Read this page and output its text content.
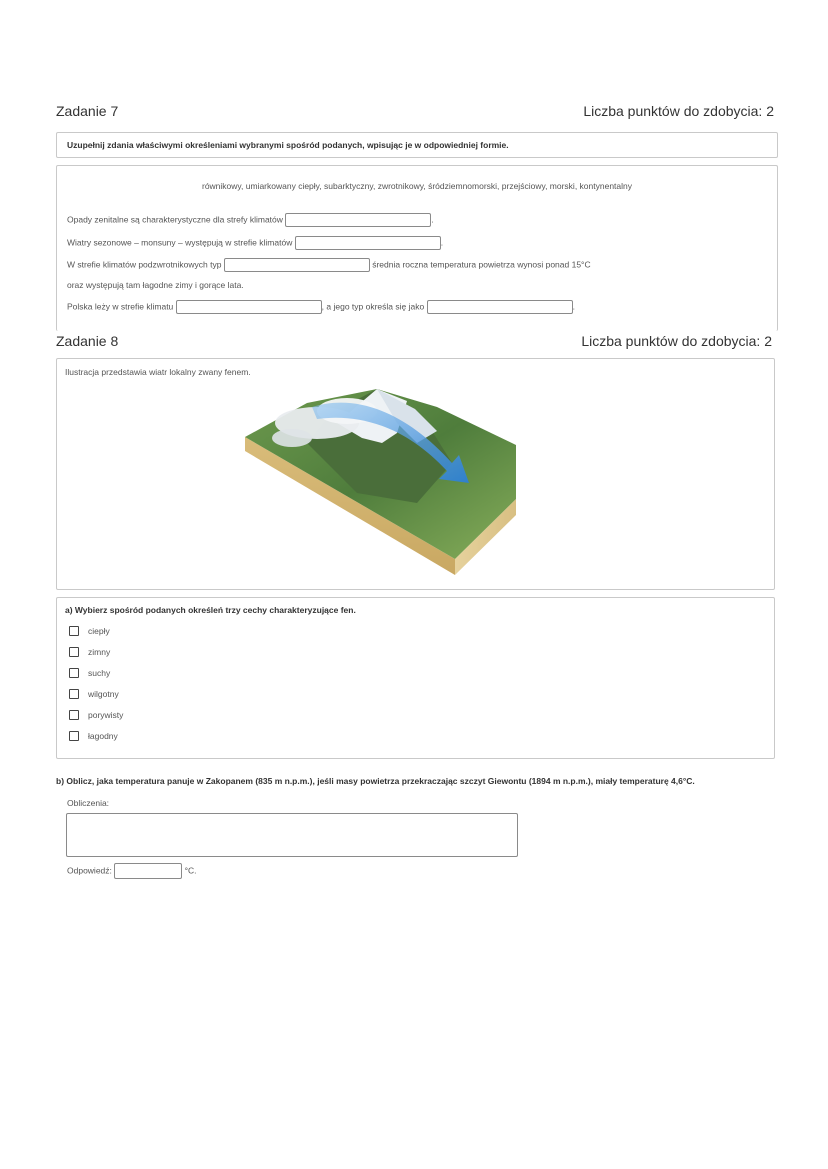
Zadanie 7	Liczba punktów do zdobycia: 2
Uzupełnij zdania właściwymi określeniami wybranymi spośród podanych, wpisując je w odpowiedniej formie.
równikowy, umiarkowany ciepły, subarktyczny, zwrotnikowy, śródziemnomorski, przejściowy, morski, kontynentalny
Opady zenitalne są charakterystyczne dla strefy klimatów	.
Wiatry sezonowe – monsuny – występują w strefie klimatów	.
W strefie klimatów podzwrotnikowych typ	średnia roczna temperatura powietrza wynosi ponad 15°C
oraz występują tam łagodne zimy i gorące lata.
Polska leży w strefie klimatu	, a jego typ określa się jako	.
Zadanie 8	Liczba punktów do zdobycia: 2
Ilustracja przedstawia wiatr lokalny zwany fenem.
a) Wybierz spośród podanych określeń trzy cechy charakteryzujące fen.
ciepły
zimny
suchy
wilgotny
porywisty
łagodny
b) Oblicz, jaka temperatura panuje w Zakopanem (835 m n.p.m.), jeśli masy powietrza przekraczając szczyt Giewontu (1894 m n.p.m.), miały temperaturę 4,6°C.
Obliczenia:
Odpowiedź:	°C.
